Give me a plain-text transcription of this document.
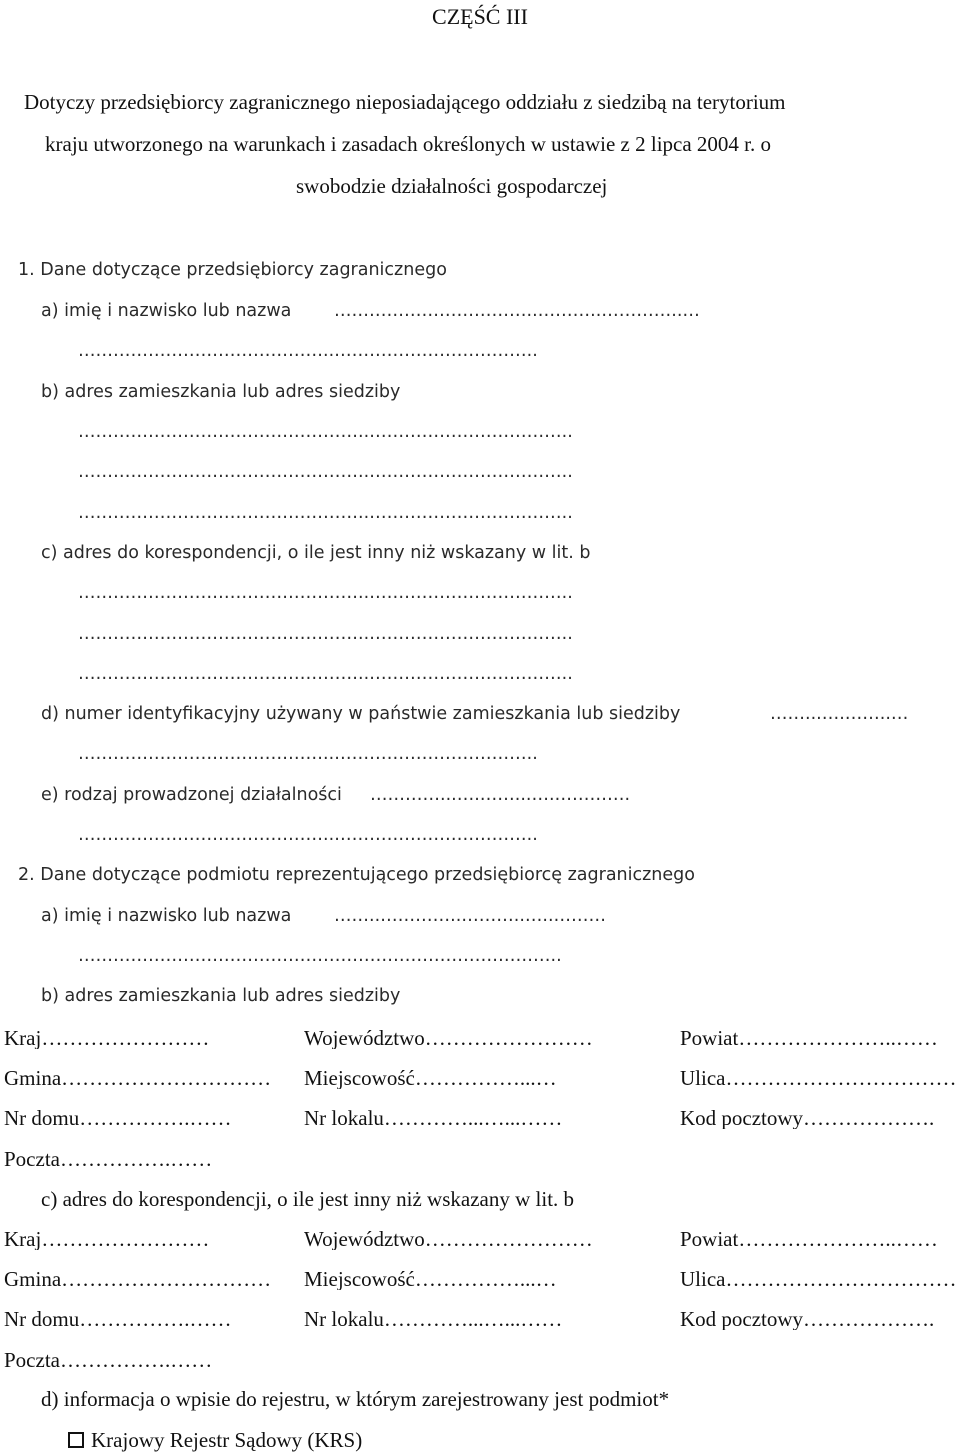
CZĘŚĆ III
Dotyczy przedsiębiorcy zagranicznego nieposiadającego oddziału z siedzibą na terytorium
kraju utworzonego na warunkach i zasadach określonych w ustawie z 2 lipca 2004 r. o
swobodzie działalności gospodarczej
1. Dane dotyczące przedsiębiorcy zagranicznego
a) imię i nazwisko lub nazwa ……………………………..………..…………..…
……………………………………..……………………………..
b) adres zamieszkania lub adres siedziby
…………………………………………..……………………………..
…………………………………………..……………………………..
…………………………………………..……………………………..
c) adres do korespondencji, o ile jest inny niż wskazany w lit. b
…………………………………………..……………………………..
…………………………………………..……………………………..
…………………………………………..……………………………..
d) numer identyfikacyjny używany w państwie zamieszkania lub siedziby	……...….……..…
……………………………………..……………………………..
e) rodzaj prowadzonej działalności …………...….……...….………….
……………………………………..……………………………..
2. Dane dotyczące podmiotu reprezentującego przedsiębiorcę zagranicznego
a) imię i nazwisko lub nazwa ……..…………..………..…..………
………………………………………………………………………..
b) adres zamieszkania lub adres siedziby
Kraj……………………	Województwo……………………	Powiat…………………..……
Gmina…………………………	Miejscowość……………...…	Ulica……………………………
Nr domu…………….……	Nr lokalu…………...…...……	Kod pocztowy……………….
Poczta…………….……
c) adres do korespondencji, o ile jest inny niż wskazany w lit. b
Kraj……………………	Województwo……………………	Powiat…………………..……
Gmina…………………………	Miejscowość……………...…	Ulica……………………………
Nr domu…………….……	Nr lokalu…………...…...……	Kod pocztowy……………….
Poczta…………….……
d) informacja o wpisie do rejestru, w którym zarejestrowany jest podmiot*
Krajowy Rejestr Sądowy (KRS)
